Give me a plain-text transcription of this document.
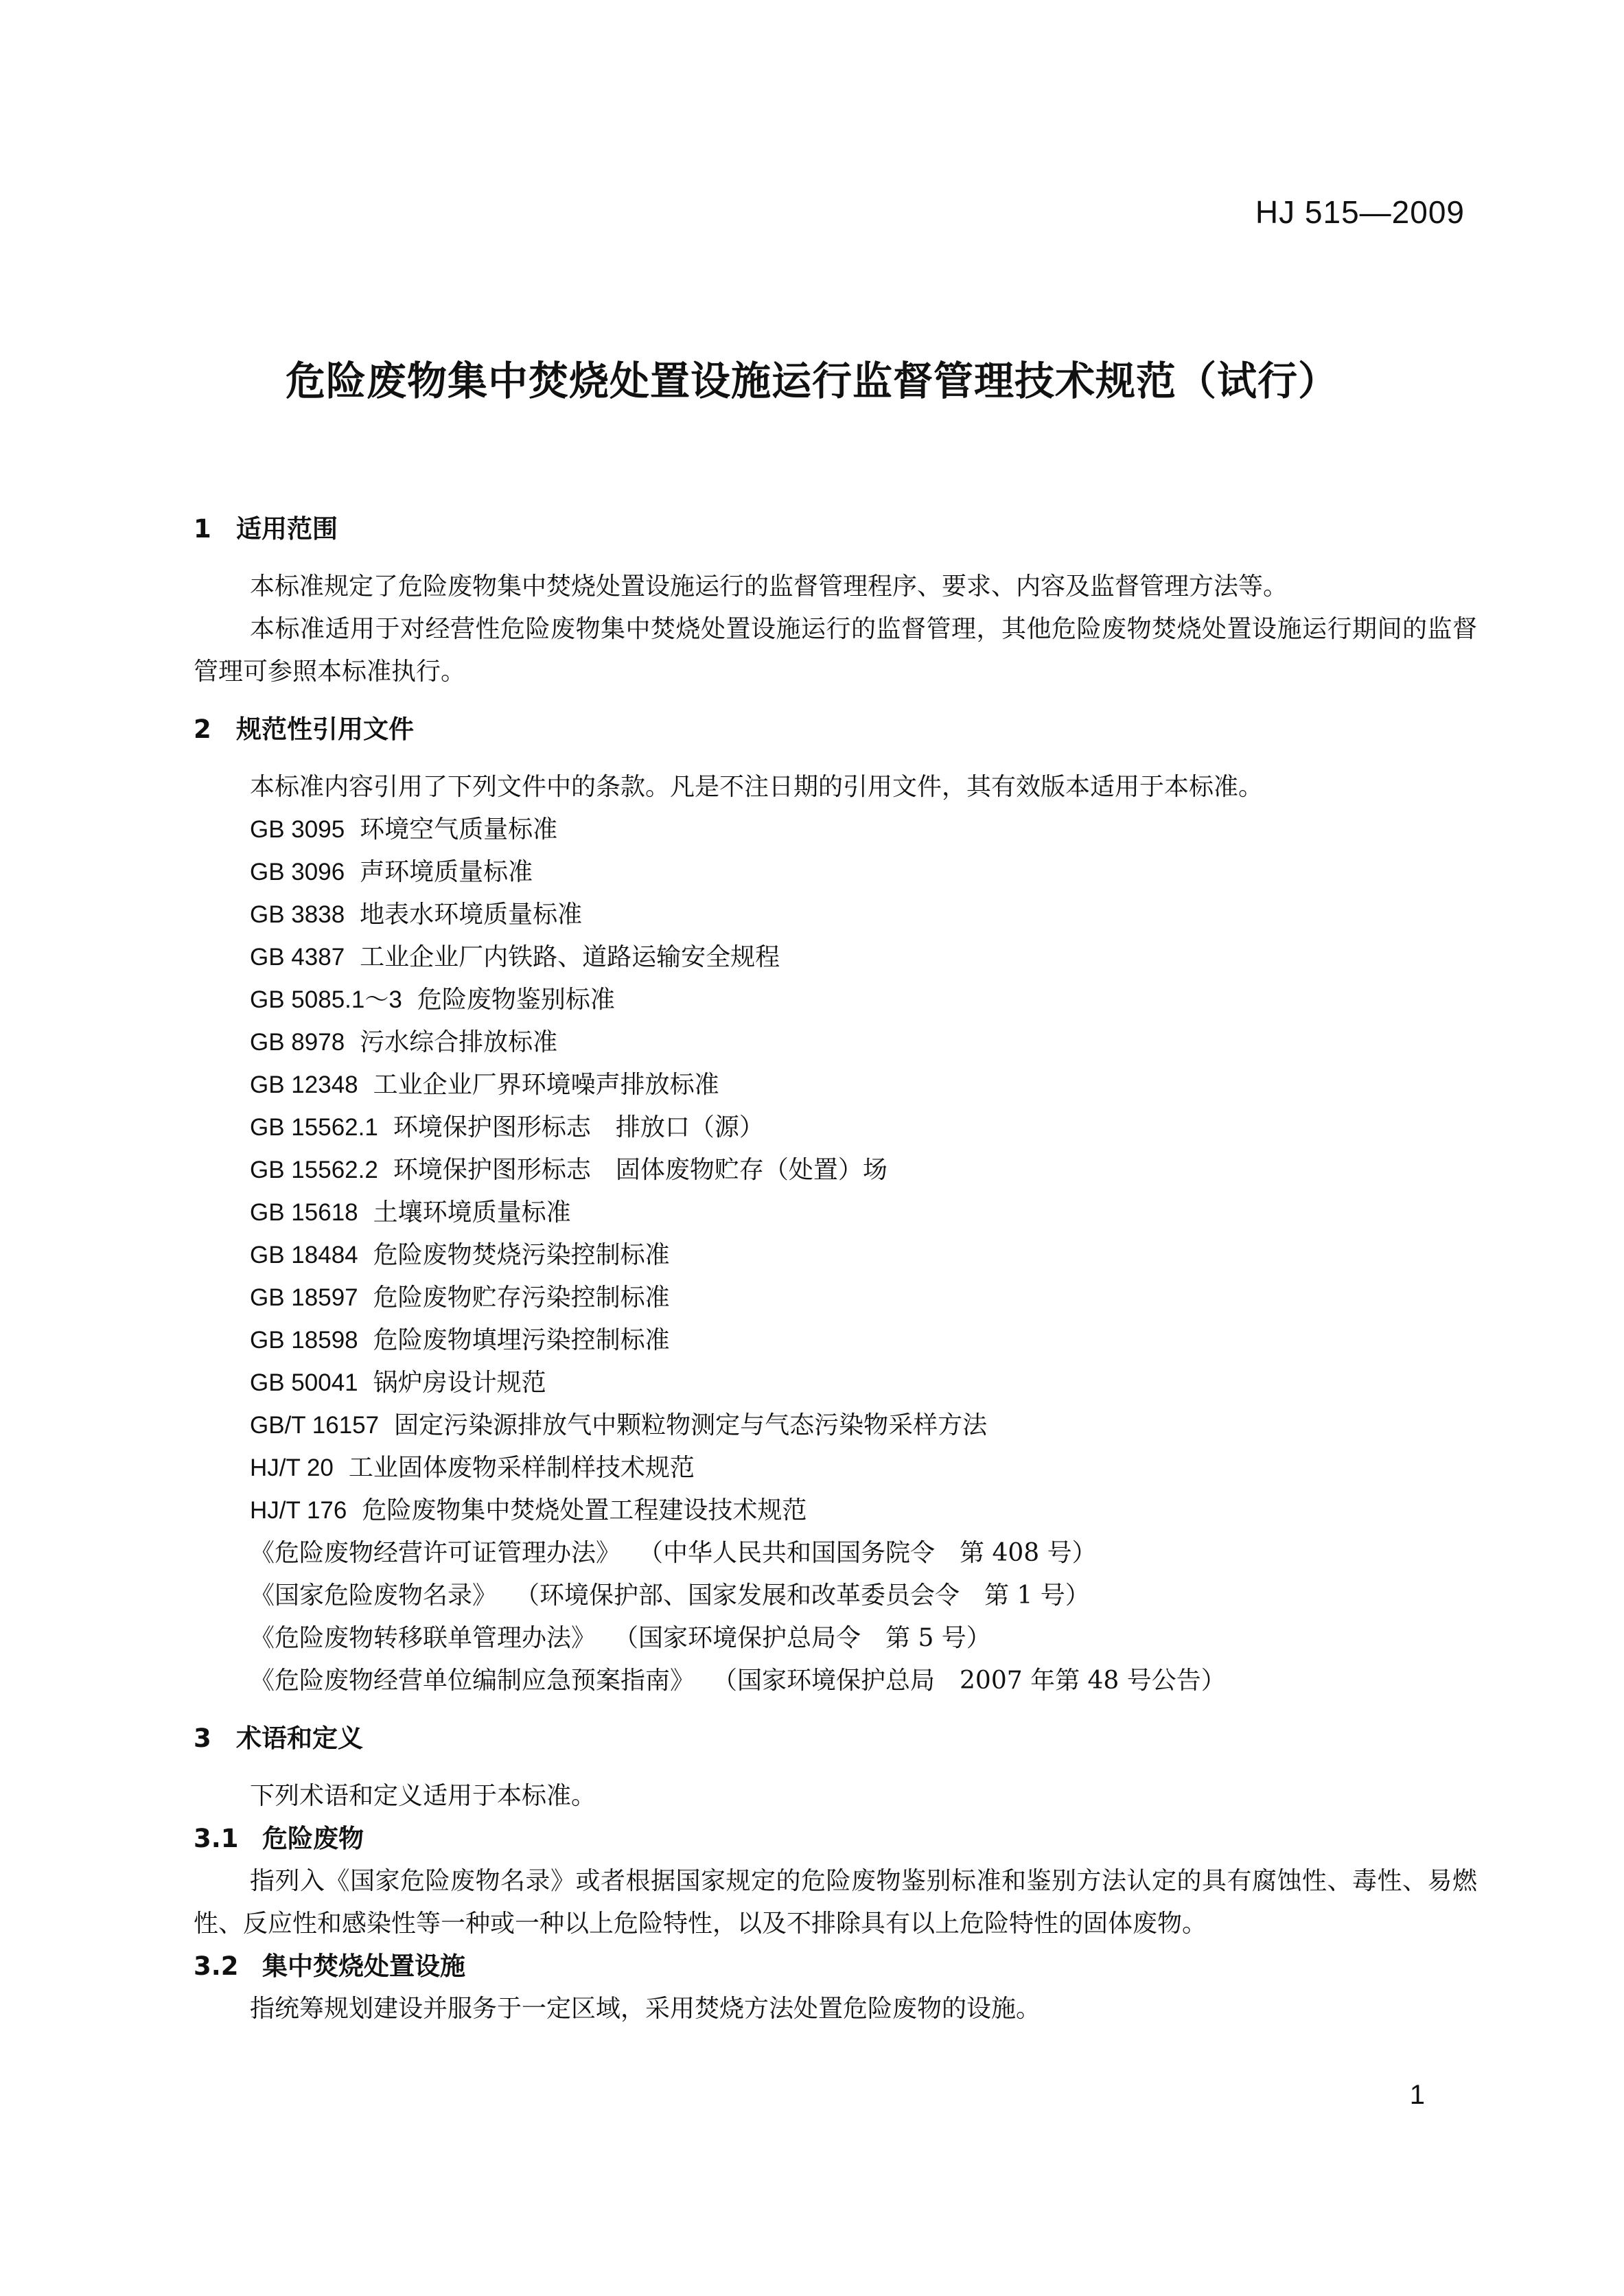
HJ 515—2009
危险废物集中焚烧处置设施运行监督管理技术规范（试行）
1 适用范围
本标准规定了危险废物集中焚烧处置设施运行的监督管理程序、要求、内容及监督管理方法等。
本标准适用于对经营性危险废物集中焚烧处置设施运行的监督管理，其他危险废物焚烧处置设施运行期间的监督管理可参照本标准执行。
2 规范性引用文件
本标准内容引用了下列文件中的条款。凡是不注日期的引用文件，其有效版本适用于本标准。
GB 3095 环境空气质量标准
GB 3096 声环境质量标准
GB 3838 地表水环境质量标准
GB 4387 工业企业厂内铁路、道路运输安全规程
GB 5085.1～3 危险废物鉴别标准
GB 8978 污水综合排放标准
GB 12348 工业企业厂界环境噪声排放标准
GB 15562.1 环境保护图形标志　排放口（源）
GB 15562.2 环境保护图形标志　固体废物贮存（处置）场
GB 15618 土壤环境质量标准
GB 18484 危险废物焚烧污染控制标准
GB 18597 危险废物贮存污染控制标准
GB 18598 危险废物填埋污染控制标准
GB 50041 锅炉房设计规范
GB/T 16157 固定污染源排放气中颗粒物测定与气态污染物采样方法
HJ/T 20 工业固体废物采样制样技术规范
HJ/T 176 危险废物集中焚烧处置工程建设技术规范
《危险废物经营许可证管理办法》 （中华人民共和国国务院令　第 408 号）
《国家危险废物名录》 （环境保护部、国家发展和改革委员会令　第 1 号）
《危险废物转移联单管理办法》 （国家环境保护总局令　第 5 号）
《危险废物经营单位编制应急预案指南》 （国家环境保护总局　2007 年第 48 号公告）
3 术语和定义
下列术语和定义适用于本标准。
3.1 危险废物
指列入《国家危险废物名录》或者根据国家规定的危险废物鉴别标准和鉴别方法认定的具有腐蚀性、毒性、易燃性、反应性和感染性等一种或一种以上危险特性，以及不排除具有以上危险特性的固体废物。
3.2 集中焚烧处置设施
指统筹规划建设并服务于一定区域，采用焚烧方法处置危险废物的设施。
1
